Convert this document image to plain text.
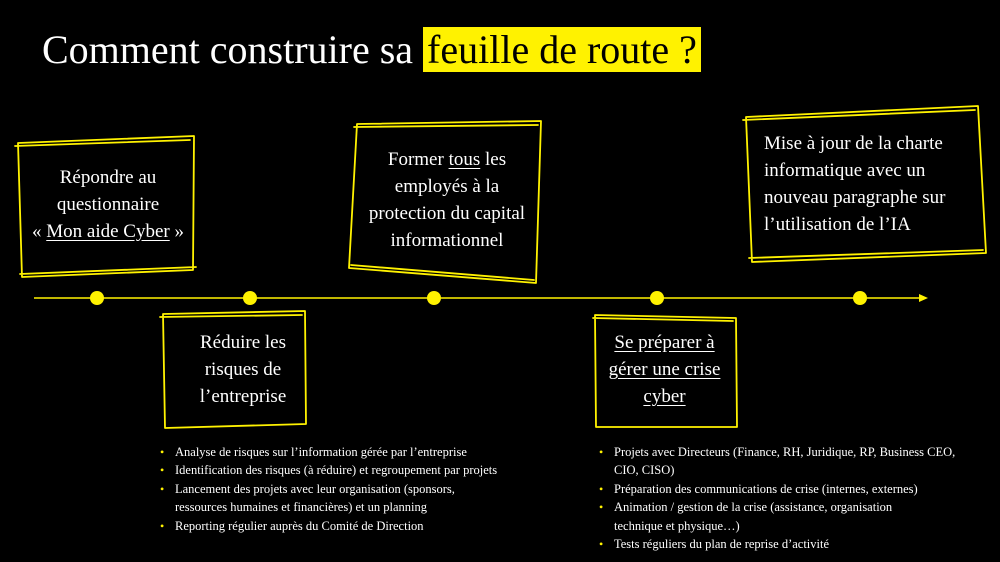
Comment construire sa feuille de route ?
Répondre au
questionnaire
« Mon aide Cyber »
Réduire les
risques de
l’entreprise
Former tous les
employés à la
protection du capital
informationnel
Se préparer à
gérer une crise
cyber
Mise à jour de la charte
informatique avec un
nouveau paragraphe sur
l’utilisation de l’IA
• Analyse de risques sur l’information gérée par l’entreprise
• Identification des risques (à réduire) et regroupement par projets
• Lancement des projets avec leur organisation (sponsors, ressources humaines et financières) et un planning
• Reporting régulier auprès du Comité de Direction
• Projets avec Directeurs (Finance, RH, Juridique, RP, Business CEO, CIO, CISO)
• Préparation des communications de crise (internes, externes)
• Animation / gestion de la crise (assistance, organisation technique et physique…)
• Tests réguliers du plan de reprise d’activité
